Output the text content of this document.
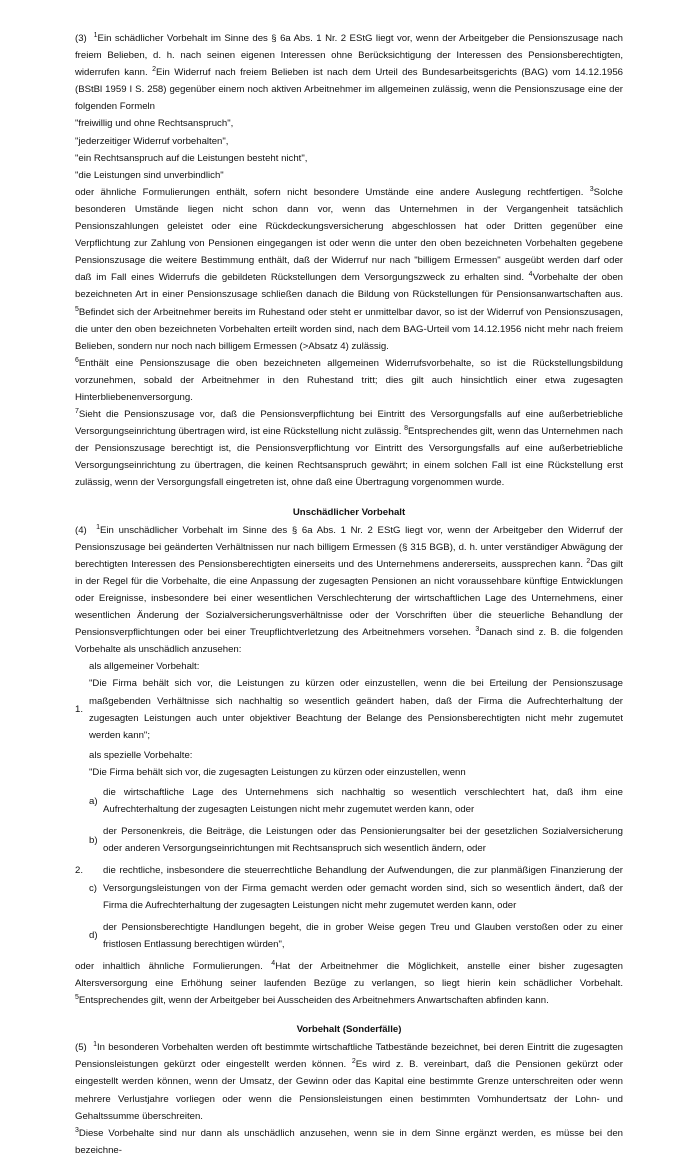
(3) $^1$Ein schädlicher Vorbehalt im Sinne des § 6a Abs. 1 Nr. 2 EStG liegt vor, wenn der Arbeitgeber die Pensionszusage nach freiem Belieben, d. h. nach seinen eigenen Interessen ohne Berücksichtigung der Interessen des Pensionsberechtigten, widerrufen kann. $^2$Ein Widerruf nach freiem Belieben ist nach dem Urteil des Bundesarbeitsgerichts (BAG) vom 14.12.1956 (BStBl 1959 I S. 258) gegenüber einem noch aktiven Arbeitnehmer im allgemeinen zulässig, wenn die Pensionszusage eine der folgenden Formeln

"freiwillig und ohne Rechtsanspruch",
"jederzeitiger Widerruf vorbehalten",
"ein Rechtsanspruch auf die Leistungen besteht nicht",
"die Leistungen sind unverbindlich"

oder ähnliche Formulierungen enthält, sofern nicht besondere Umstände eine andere Auslegung rechtfertigen. $^3$Solche besonderen Umstände liegen nicht schon dann vor, wenn das Unternehmen in der Vergangenheit tatsächlich Pensionszahlungen geleistet oder eine Rückdeckungsversicherung abgeschlossen hat oder Dritten gegenüber eine Verpflichtung zur Zahlung von Pensionen eingegangen ist oder wenn die unter den oben bezeichneten Vorbehalten gegebene Pensionszusage die weitere Bestimmung enthält, daß der Widerruf nur nach "billigem Ermessen" ausgeübt werden darf oder daß im Fall eines Widerrufs die gebildeten Rückstellungen dem Versorgungszweck zu erhalten sind. $^4$Vorbehalte der oben bezeichneten Art in einer Pensionszusage schließen danach die Bildung von Rückstellungen für Pensionsanwartschaften aus. $^5$Befindet sich der Arbeitnehmer bereits im Ruhestand oder steht er unmittelbar davor, so ist der Widerruf von Pensionszusagen, die unter den oben bezeichneten Vorbehalten erteilt worden sind, nach dem BAG-Urteil vom 14.12.1956 nicht mehr nach freiem Belieben, sondern nur noch nach billigem Ermessen (>Absatz 4) zulässig.
$^6$Enthält eine Pensionszusage die oben bezeichneten allgemeinen Widerrufsvorbehalte, so ist die Rückstellungsbildung vorzunehmen, sobald der Arbeitnehmer in den Ruhestand tritt; dies gilt auch hinsichtlich einer etwa zugesagten Hinterbliebenenversorgung.
$^7$Sieht die Pensionszusage vor, daß die Pensionsverpflichtung bei Eintritt des Versorgungsfalls auf eine außerbetriebliche Versorgungseinrichtung übertragen wird, ist eine Rückstellung nicht zulässig. $^8$Entsprechendes gilt, wenn das Unternehmen nach der Pensionszusage berechtigt ist, die Pensionsverpflichtung vor Eintritt des Versorgungsfalls auf eine außerbetriebliche Versorgungseinrichtung zu übertragen, die keinen Rechtsanspruch gewährt; in einem solchen Fall ist eine Rückstellung erst zulässig, wenn der Versorgungsfall eingetreten ist, ohne daß eine Übertragung vorgenommen wurde.

Unschädlicher Vorbehalt

(4) $^1$Ein unschädlicher Vorbehalt im Sinne des § 6a Abs. 1 Nr. 2 EStG liegt vor, wenn der Arbeitgeber den Widerruf der Pensionszusage bei geänderten Verhältnissen nur nach billigem Ermessen (§ 315 BGB), d. h. unter verständiger Abwägung der berechtigten Interessen des Pensionsberechtigten einerseits und des Unternehmens andererseits, aussprechen kann. $^2$Das gilt in der Regel für die Vorbehalte, die eine Anpassung der zugesagten Pensionen an nicht voraussehbare künftige Entwicklungen oder Ereignisse, insbesondere bei einer wesentlichen Verschlechterung der wirtschaftlichen Lage des Unternehmens, einer wesentlichen Änderung der Sozialversicherungsverhältnisse oder der Vorschriften über die steuerliche Behandlung der Pensionsverpflichtungen oder bei einer Treupflichtverletzung des Arbeitnehmers vorsehen. $^3$Danach sind z. B. die folgenden Vorbehalte als unschädlich anzusehen:

als allgemeiner Vorbehalt:
1.
"Die Firma behält sich vor, die Leistungen zu kürzen oder einzustellen, wenn die bei Erteilung der Pensionszusage maßgebenden Verhältnisse sich nachhaltig so wesentlich geändert haben, daß der Firma die Aufrechterhaltung der zugesagten Leistungen auch unter objektiver Beachtung der Belange des Pensionsberechtigten nicht mehr zugemutet werden kann";
als spezielle Vorbehalte:
"Die Firma behält sich vor, die zugesagten Leistungen zu kürzen oder einzustellen, wenn
2.
a)
die wirtschaftliche Lage des Unternehmens sich nachhaltig so wesentlich verschlechtert hat, daß ihm eine Aufrechterhaltung der zugesagten Leistungen nicht mehr zugemutet werden kann, oder
b)
der Personenkreis, die Beiträge, die Leistungen oder das Pensionierungsalter bei der gesetzlichen Sozialversicherung oder anderen Versorgungseinrichtungen mit Rechtsanspruch sich wesentlich ändern, oder
c)
die rechtliche, insbesondere die steuerrechtliche Behandlung der Aufwendungen, die zur planmäßigen Finanzierung der Versorgungsleistungen von der Firma gemacht werden oder gemacht worden sind, sich so wesentlich ändert, daß der Firma die Aufrechterhaltung der zugesagten Leistungen nicht mehr zugemutet werden kann, oder
d)
der Pensionsberechtigte Handlungen begeht, die in grober Weise gegen Treu und Glauben verstoßen oder zu einer fristlosen Entlassung berechtigen würden",

oder inhaltlich ähnliche Formulierungen. $^4$Hat der Arbeitnehmer die Möglichkeit, anstelle einer bisher zugesagten Altersversorgung eine Erhöhung seiner laufenden Bezüge zu verlangen, so liegt hierin kein schädlicher Vorbehalt. $^5$Entsprechendes gilt, wenn der Arbeitgeber bei Ausscheiden des Arbeitnehmers Anwartschaften abfinden kann.

Vorbehalt (Sonderfälle)

(5) $^1$In besonderen Vorbehalten werden oft bestimmte wirtschaftliche Tatbestände bezeichnet, bei deren Eintritt die zugesagten Pensionsleistungen gekürzt oder eingestellt werden können. $^2$Es wird z. B. vereinbart, daß die Pensionen gekürzt oder eingestellt werden können, wenn der Umsatz, der Gewinn oder das Kapital eine bestimmte Grenze unterschreiten oder wenn mehrere Verlustjahre vorliegen oder wenn die Pensionsleistungen einen bestimmten Vomhundertsatz der Lohn- und Gehaltssumme überschreiten.
$^3$Diese Vorbehalte sind nur dann als unschädlich anzusehen, wenn sie in dem Sinne ergänzt werden, es müsse bei den bezeichne-
